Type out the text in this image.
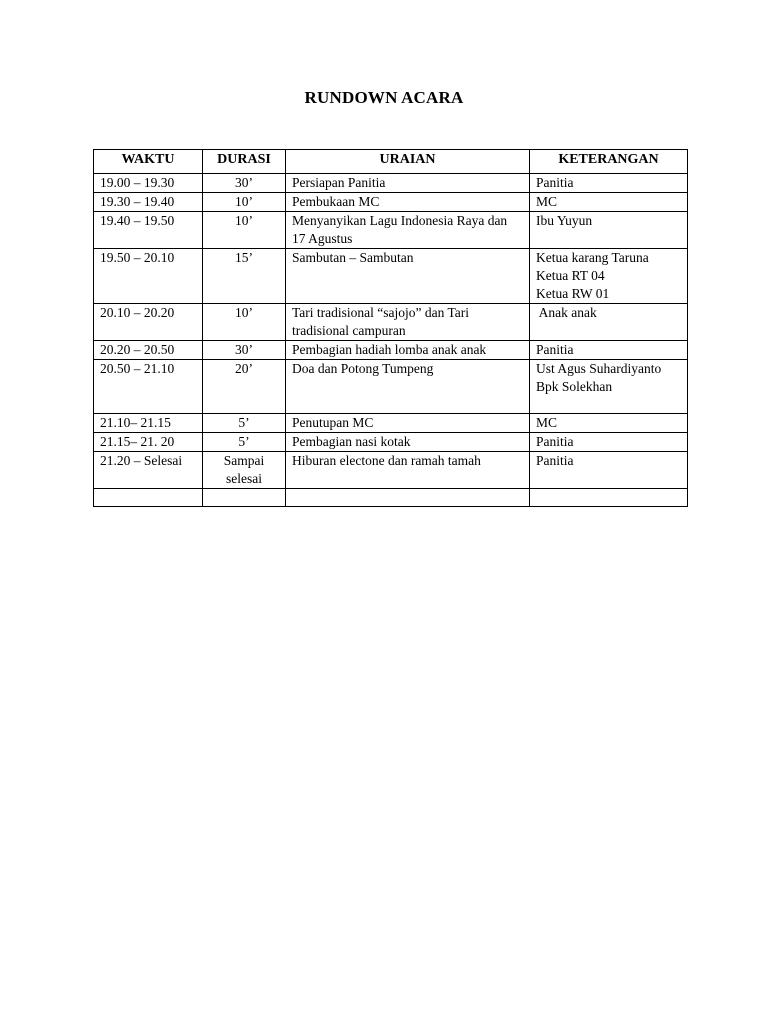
RUNDOWN ACARA
WAKTU	DURASI	URAIAN	KETERANGAN
19.00 – 19.30	30’	Persiapan Panitia	Panitia

19.30 – 19.40	10’	Pembukaan MC	MC

19.40 – 19.50	10’	Menyanyikan Lagu Indonesia Raya dan 17 Agustus	Ibu Yuyun

19.50 – 20.10	15’	Sambutan – Sambutan	Ketua karang Taruna
Ketua RT 04
Ketua RW 01

20.10 – 20.20	10’	Tari tradisional “sajojo” dan Tari tradisional campuran	Anak anak

20.20 – 20.50	30’	Pembagian hadiah lomba anak anak	Panitia

20.50 – 21.10	20’	Doa dan Potong Tumpeng	Ust Agus Suhardiyanto
Bpk Solekhan

21.10– 21.15	5’	Penutupan MC	MC

21.15– 21. 20	5’	Pembagian nasi kotak	Panitia

21.20 – Selesai	Sampai selesai	Hiburan electone dan ramah tamah	Panitia
